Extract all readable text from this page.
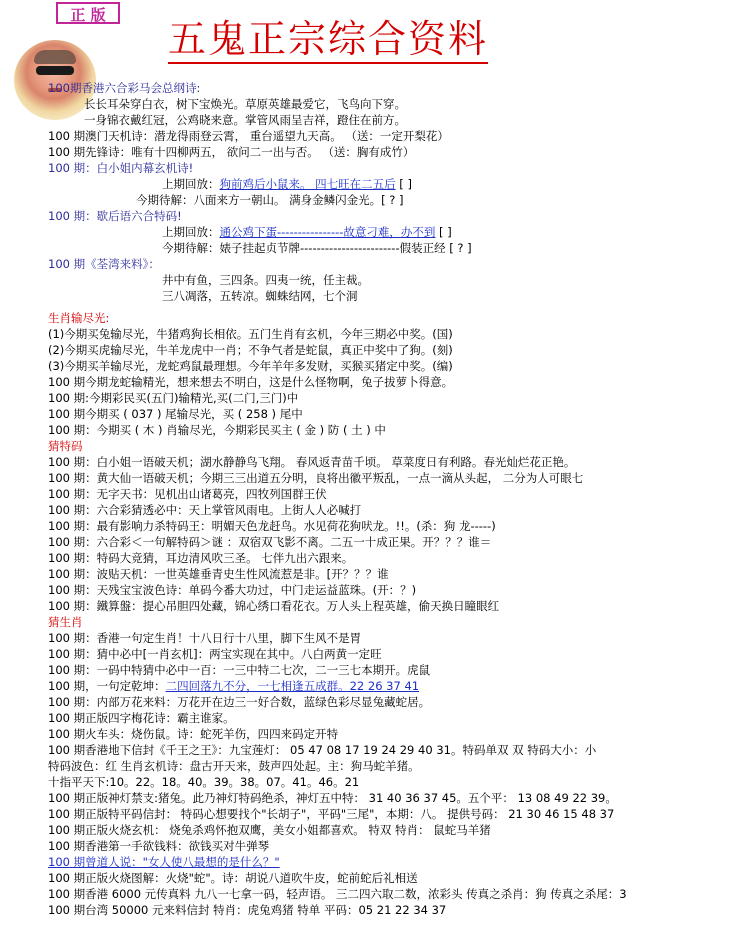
正 版
五鬼正宗综合资料
100期香港六合彩马会总纲诗:
长长耳朵穿白衣，树下宝焕光。草原英雄最爱它，飞鸟向下穿。
一身锦衣戴红冠，公鸡晓来意。掌管风雨呈吉祥，蹬住在前方。
100 期澳门天机诗：潜龙得雨登云霄， 重台遥望九天高。 （送：一定开梨花）
100 期先锋诗：唯有十四柳两五， 欲问二一出与否。 （送：胸有成竹）
100 期：白小姐内幕玄机诗!
上期回放：狗前鸡后小鼠来。 四七旺在二五后 [ ]
今期待解：八面来方一朝山。 满身金鳞闪金光。[ ? ]
100 期：歇后语六合特码!
上期回放：通公鸡下蛋----------------故意刁难，办不到 [ ]
今期待解：婊子挂起贞节牌------------------------假装正经 [ ? ]
100 期《荃湾来料》：
井中有鱼，三四条。四夷一统，任主裁。
三八凋落，五转凉。蜘蛛结网，七个洞
生肖输尽光:
(1)今期买兔输尽光，牛猪鸡狗长相依。五门生肖有玄机，今年三期必中奖。(国)
(2)今期买虎输尽光，牛羊龙虎中一肖；不争气者是蛇鼠，真正中奖中了狗。(刻)
(3)今期买羊输尽光，龙蛇鸡鼠最理想。今年羊年多发财，买猴买猪定中奖。(编)
100 期今期龙蛇输精光，想来想去不明白，这是什么怪物啊，兔子拔萝卜得意。
100 期:今期彩民买(五门)输精光,买(二门,三门)中
100 期今期买 ( 037 ) 尾输尽光，买 ( 258 ) 尾中
100 期：今期买 ( 木 ) 肖输尽光，今期彩民买主 ( 金 ) 防 ( 土 ) 中
猜特码
100 期：白小姐一语破天机；湖水静静鸟飞翔。 春风返青苗千顷。 草菜度日有利路。春光灿烂花正艳。
100 期：黄大仙一语破天机；今期三三出道五分明，良将出徽平叛乱，一点一滴从头起， 二分为人可眼七
100 期：无字天书：见机出山诸葛亮，四牧列国群王伏
100 期：六合彩猜透必中：天上掌管风雨电。上街人人必喊打
100 期：最有影响力杀特码王：明媚天色龙赶鸟。水见荷花狗吠龙。!!。(杀：狗 龙-----)
100 期：六合彩＜一句解特码＞谜 ：双宿双飞影不离。二五一十成正果。开？？？谁＝
100 期：特码大竞猜，耳边清风吹三圣。 七伴九出六跟来。
100 期：波贴天机：一世英雄垂青史生性风流惹是非。[开？？？谁
100 期：天残宝宝波色诗：单码今番大功过，中门走运益蓝珠。(开：？)
100 期：鐵算盤：提心吊胆四处藏，锦心绣口看花衣。万人头上程英雄，偷天换日瞳眼红
猜生肖
100 期：香港一句定生肖！十八日行十八里，脚下生风不是胃
100 期：猜中必中[一肖玄机]：两宝实现在其中。八白两黄一定旺
100 期：一码中特猜中必中一百：一三中特二七次，二一三七本期开。虎鼠
100 期，一句定乾坤：二四回落九不分，一七相逢五成群。22 26 37 41
100 期：内部万花来料：万花开在边三一好合数，蓝绿色彩尽显兔藏蛇居。
100 期正版四字梅花诗：霸主谁家。
100 期火车头：烧伤鼠。诗：蛇死羊伤，四四来码定开特
100 期香港地下信封《千王之王》：九宝莲灯： 05 47 08 17 19 24 29 40 31。特码单双 双 特码大小：小
特码波色：红 生肖玄机诗：盘古开天来，鼓声四处起。主：狗马蛇羊猪。
十指平天下:10。22。18。40。39。38。07。41。46。21
100 期正版神灯禁支:猪兔。此乃神灯特码绝杀，神灯五中特： 31 40 36 37 45。五个平： 13 08 49 22 39。
100 期正版特平码信封： 特码心想要找个"长胡子"，平码"三尾"，本期：八。 提供号码： 21 30 46 15 48 37
100 期正版火烧玄机： 烧兔杀鸡怀抱双鹰，美女小姐都喜欢。 特双 特肖： 鼠蛇马羊猪
100 期香港第一手欲钱料：欲钱买对牛弹琴
100 期曾道人说："女人使八最想的是什么？"
100 期正版火烧图解：火烧"蛇"。诗：胡说八道吹牛皮，蛇前蛇后礼相送
100 期香港 6000 元传真料 九八一七拿一码，轻声语。 三二四六取二数，浓彩头 传真之杀肖：狗 传真之杀尾：3
100 期台湾 50000 元来料信封 特肖：虎兔鸡猪 特单 平码：05 21 22 34 37
